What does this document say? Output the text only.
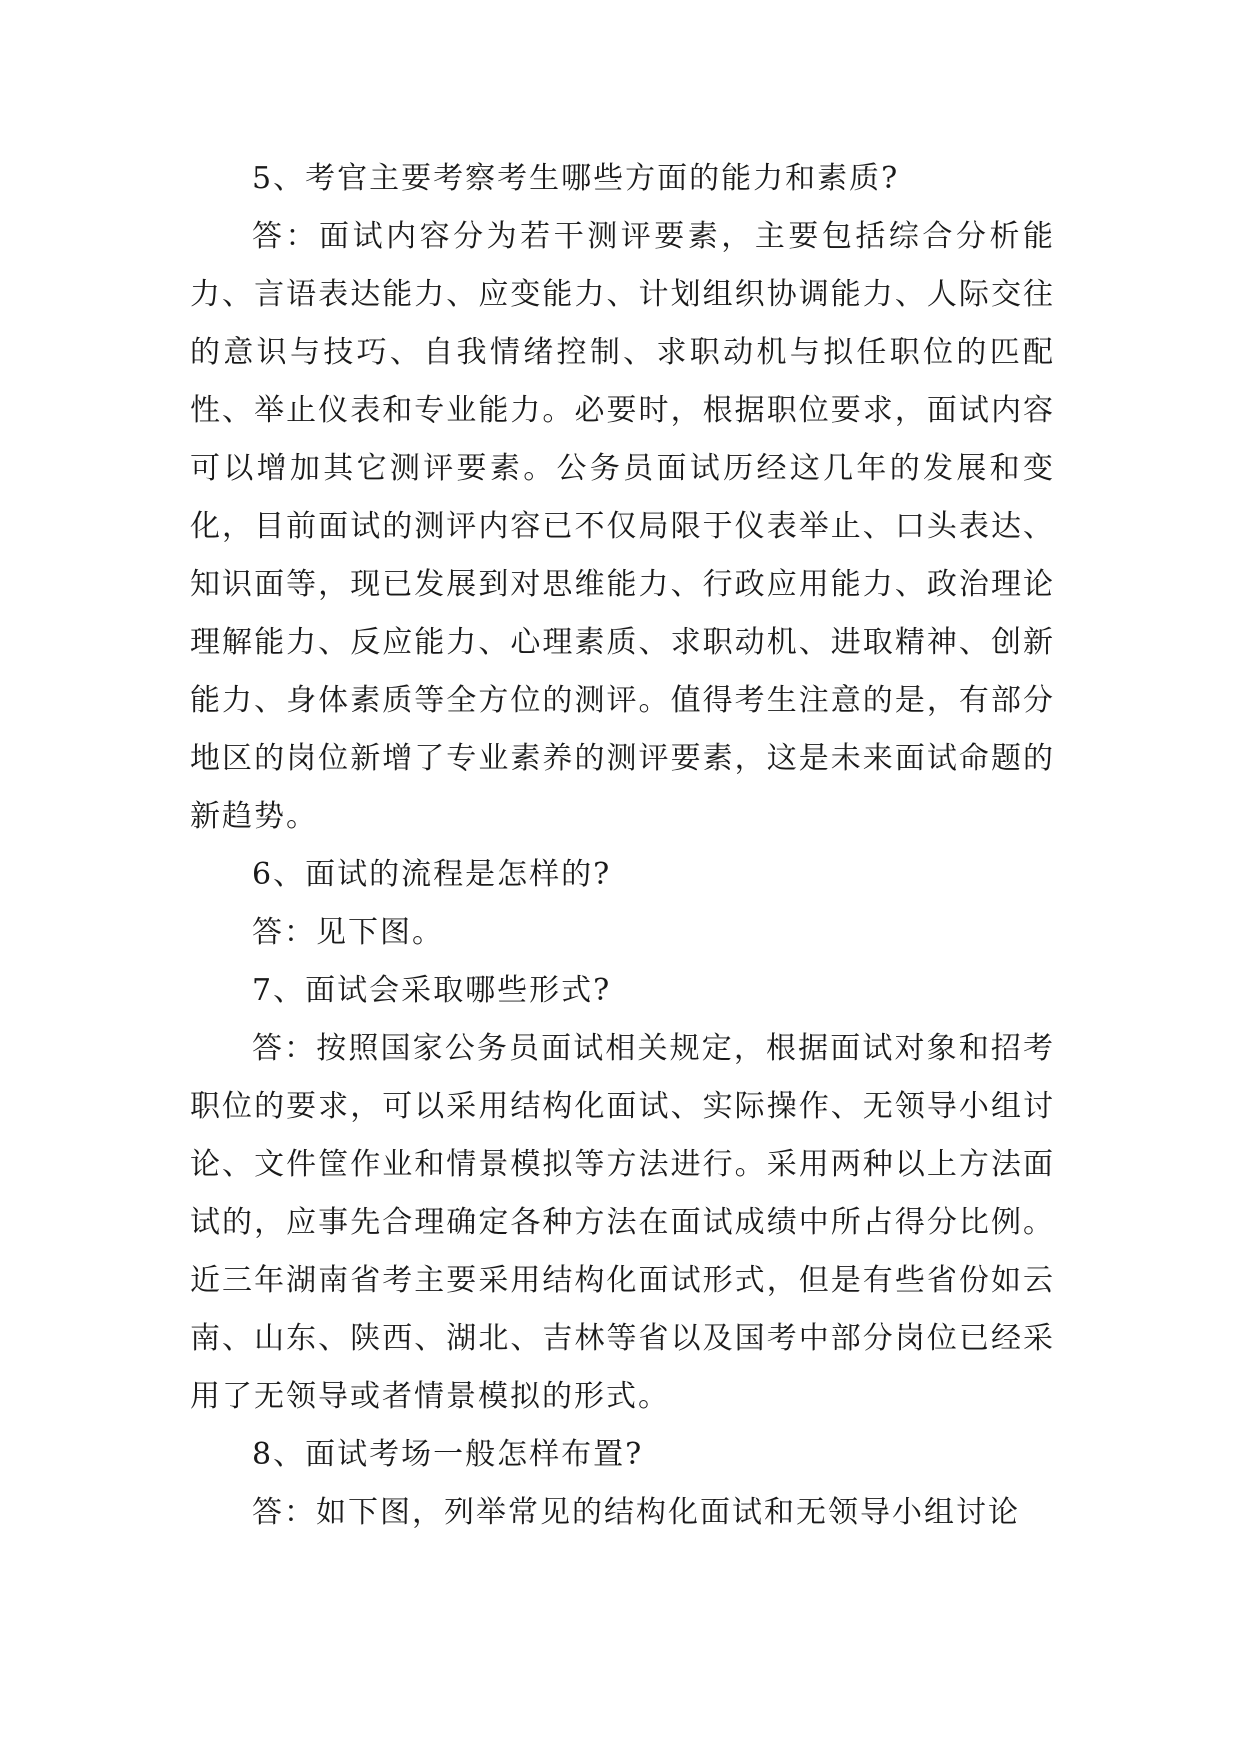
5、考官主要考察考生哪些方面的能力和素质?

答：面试内容分为若干测评要素，主要包括综合分析能力、言语表达能力、应变能力、计划组织协调能力、人际交往的意识与技巧、自我情绪控制、求职动机与拟任职位的匹配性、举止仪表和专业能力。必要时，根据职位要求，面试内容可以增加其它测评要素。公务员面试历经这几年的发展和变化，目前面试的测评内容已不仅局限于仪表举止、口头表达、知识面等，现已发展到对思维能力、行政应用能力、政治理论理解能力、反应能力、心理素质、求职动机、进取精神、创新能力、身体素质等全方位的测评。值得考生注意的是，有部分地区的岗位新增了专业素养的测评要素，这是未来面试命题的新趋势。

6、面试的流程是怎样的?

答：见下图。

7、面试会采取哪些形式?

答：按照国家公务员面试相关规定，根据面试对象和招考职位的要求，可以采用结构化面试、实际操作、无领导小组讨论、文件筐作业和情景模拟等方法进行。采用两种以上方法面试的，应事先合理确定各种方法在面试成绩中所占得分比例。近三年湖南省考主要采用结构化面试形式，但是有些省份如云南、山东、陕西、湖北、吉林等省以及国考中部分岗位已经采用了无领导或者情景模拟的形式。

8、面试考场一般怎样布置?

答：如下图，列举常见的结构化面试和无领导小组讨论
